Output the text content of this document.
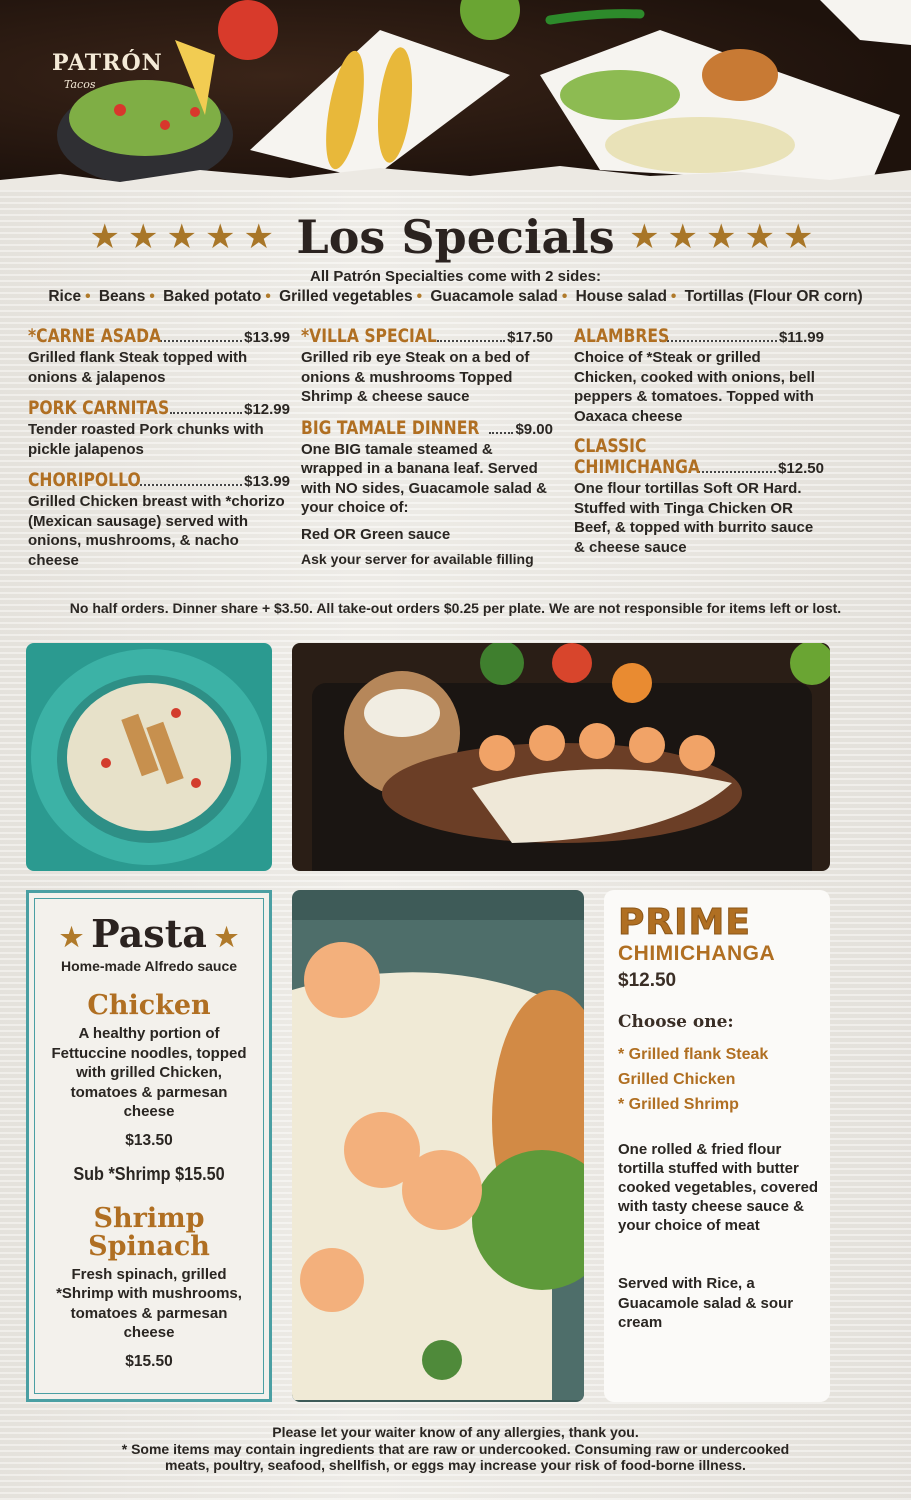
PATRÓN
Tacos
★★★★★ Los Specials ★★★★★
All Patrón Specialties come with 2 sides:
Rice • Beans • Baked potato • Grilled vegetables • Guacamole salad • House salad • Tortillas (Flour OR corn)
*CARNE ASADA	$13.99
Grilled flank Steak topped with onions & jalapenos
PORK CARNITAS	$12.99
Tender roasted Pork chunks with pickle jalapenos
CHORIPOLLO	$13.99
Grilled Chicken breast with *chorizo (Mexican sausage) served with onions, mushrooms, & nacho cheese
*VILLA SPECIAL	$17.50
Grilled rib eye Steak on a bed of onions & mushrooms Topped Shrimp & cheese sauce
BIG TAMALE DINNER $9.00
One BIG tamale steamed & wrapped in a banana leaf. Served with NO sides, Guacamole salad & your choice of:
Red OR Green sauce
Ask your server for available filling
ALAMBRES	$11.99
Choice of *Steak or grilled Chicken, cooked with onions, bell peppers & tomatoes. Topped with Oaxaca cheese
CLASSIC
CHIMICHANGA	$12.50
One flour tortillas Soft OR Hard. Stuffed with Tinga Chicken OR Beef, & topped with burrito sauce & cheese sauce
No half orders. Dinner share + $3.50. All take-out orders $0.25 per plate. We are not responsible for items left or lost.
★ Pasta ★
Home-made Alfredo sauce
Chicken
A healthy portion of Fettuccine noodles, topped with grilled Chicken, tomatoes & parmesan cheese
$13.50
Sub *Shrimp $15.50
Shrimp
Spinach
Fresh spinach, grilled *Shrimp with mushrooms, tomatoes & parmesan cheese
$15.50
PRIME
CHIMICHANGA
$12.50
Choose one:
* Grilled flank Steak
Grilled Chicken
* Grilled Shrimp
One rolled & fried flour tortilla stuffed with butter cooked vegetables, covered with tasty cheese sauce & your choice of meat
Served with Rice, a Guacamole salad & sour cream
Please let your waiter know of any allergies, thank you.
* Some items may contain ingredients that are raw or undercooked. Consuming raw or undercooked
meats, poultry, seafood, shellfish, or eggs may increase your risk of food-borne illness.
